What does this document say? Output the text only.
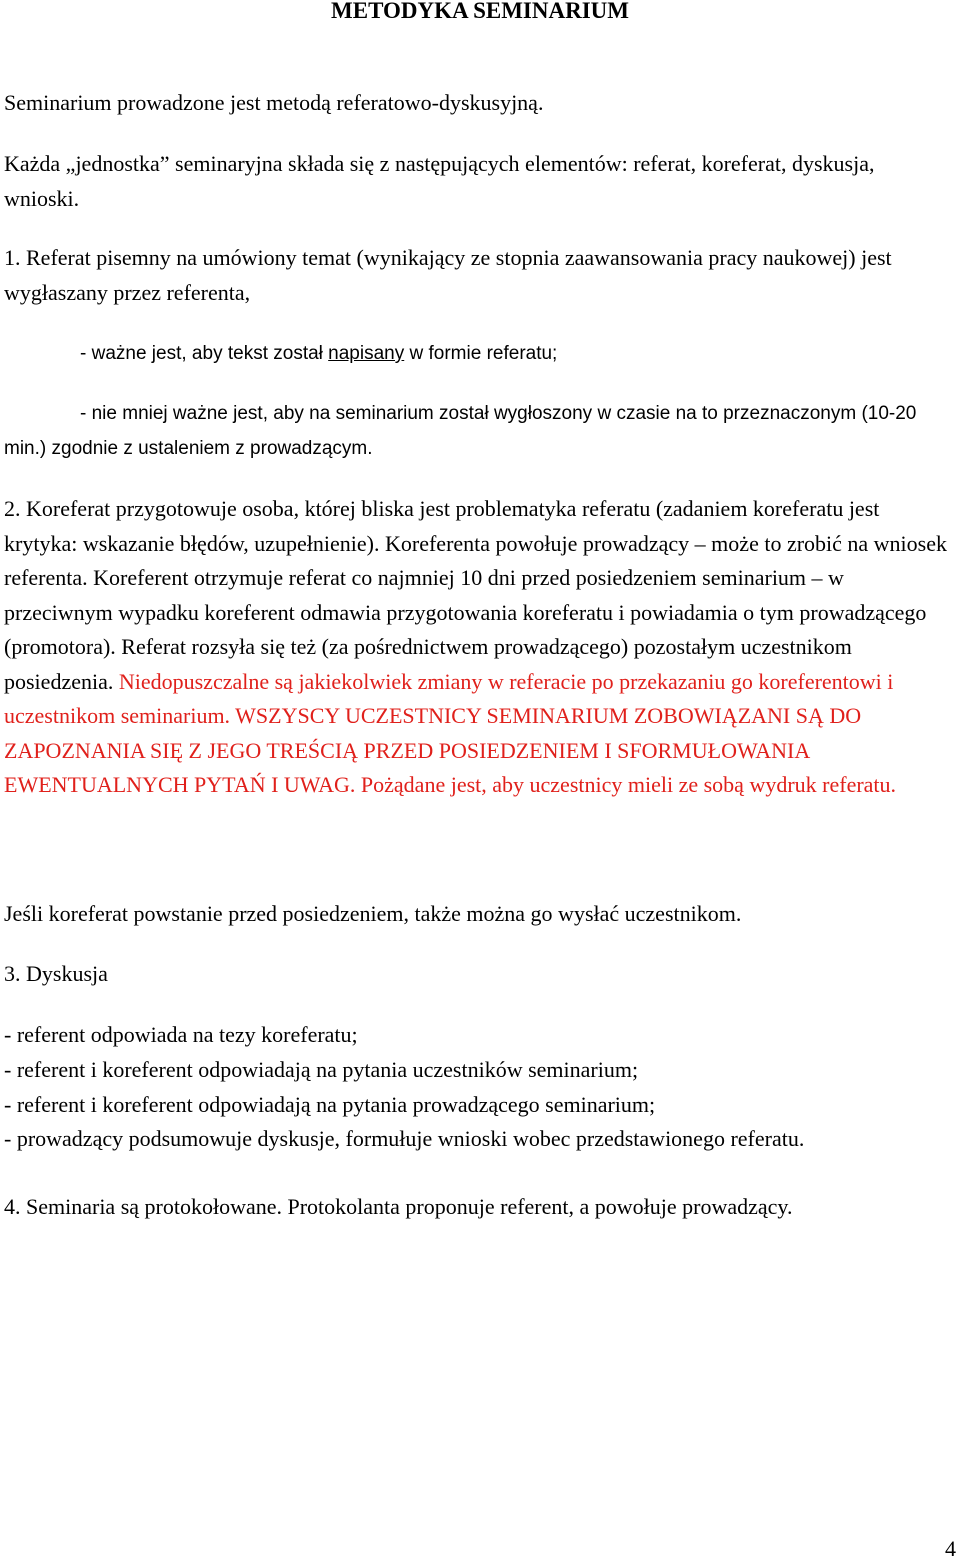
METODYKA SEMINARIUM

Seminarium prowadzone jest metodą referatowo-dyskusyjną.

Każda „jednostka” seminaryjna składa się z następujących elementów: referat, koreferat, dyskusja, wnioski.

1. Referat pisemny na umówiony temat (wynikający ze stopnia zaawansowania pracy naukowej) jest wygłaszany przez referenta,

- ważne jest, aby tekst został napisany w formie referatu;

- nie mniej ważne jest, aby na seminarium został wygłoszony w czasie na to przeznaczonym (10-20 min.) zgodnie z ustaleniem z prowadzącym.

2. Koreferat przygotowuje osoba, której bliska jest problematyka referatu (zadaniem koreferatu jest krytyka: wskazanie błędów, uzupełnienie). Koreferenta powołuje prowadzący – może to zrobić na wniosek referenta. Koreferent otrzymuje referat co najmniej 10 dni przed posiedzeniem seminarium – w przeciwnym wypadku koreferent odmawia przygotowania koreferatu i powiadamia o tym prowadzącego (promotora). Referat rozsyła się też (za pośrednictwem prowadzącego) pozostałym uczestnikom posiedzenia. Niedopuszczalne są jakiekolwiek zmiany w referacie po przekazaniu go koreferentowi i uczestnikom seminarium. WSZYSCY UCZESTNICY SEMINARIUM ZOBOWIĄZANI SĄ DO ZAPOZNANIA SIĘ Z JEGO TREŚCIĄ PRZED POSIEDZENIEM I SFORMUŁOWANIA EWENTUALNYCH PYTAŃ I UWAG. Pożądane jest, aby uczestnicy mieli ze sobą wydruk referatu.

Jeśli koreferat powstanie przed posiedzeniem, także można go wysłać uczestnikom.

3. Dyskusja

- referent odpowiada na tezy koreferatu;

- referent i koreferent odpowiadają na pytania uczestników seminarium;

- referent i koreferent odpowiadają na pytania prowadzącego seminarium;

- prowadzący podsumowuje dyskusje, formułuje wnioski wobec przedstawionego referatu.

4. Seminaria są protokołowane. Protokolanta proponuje referent, a powołuje prowadzący.

4
